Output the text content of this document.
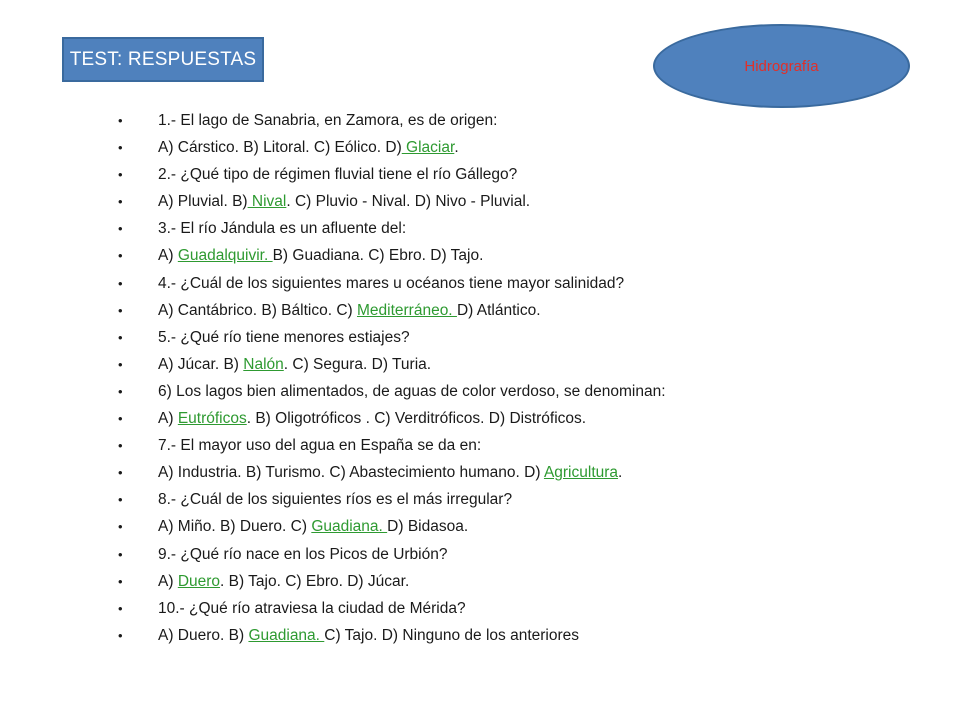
TEST: RESPUESTAS	Hidrografía
• 1.- El lago de Sanabria, en Zamora, es de origen:
• A) Cárstico. B) Litoral. C) Eólico. D) Glaciar.
• 2.- ¿Qué tipo de régimen fluvial tiene el río Gállego?
• A) Pluvial. B) Nival. C) Pluvio - Nival. D) Nivo - Pluvial.
• 3.- El río Jándula es un afluente del:
• A) Guadalquivir. B) Guadiana. C) Ebro. D) Tajo.
• 4.- ¿Cuál de los siguientes mares u océanos tiene mayor salinidad?
• A) Cantábrico. B) Báltico. C) Mediterráneo. D) Atlántico.
• 5.- ¿Qué río tiene menores estiajes?
• A) Júcar. B) Nalón. C) Segura. D) Turia.
• 6) Los lagos bien alimentados, de aguas de color verdoso, se denominan:
• A) Eutróficos. B) Oligotróficos . C) Verditróficos. D) Distróficos.
• 7.- El mayor uso del agua en España se da en:
• A) Industria. B) Turismo. C) Abastecimiento humano. D) Agricultura.
• 8.- ¿Cuál de los siguientes ríos es el más irregular?
• A) Miño. B) Duero. C) Guadiana. D) Bidasoa.
• 9.- ¿Qué río nace en los Picos de Urbión?
• A) Duero. B) Tajo. C) Ebro. D) Júcar.
• 10.- ¿Qué río atraviesa la ciudad de Mérida?
• A) Duero. B) Guadiana. C) Tajo. D) Ninguno de los anteriores
